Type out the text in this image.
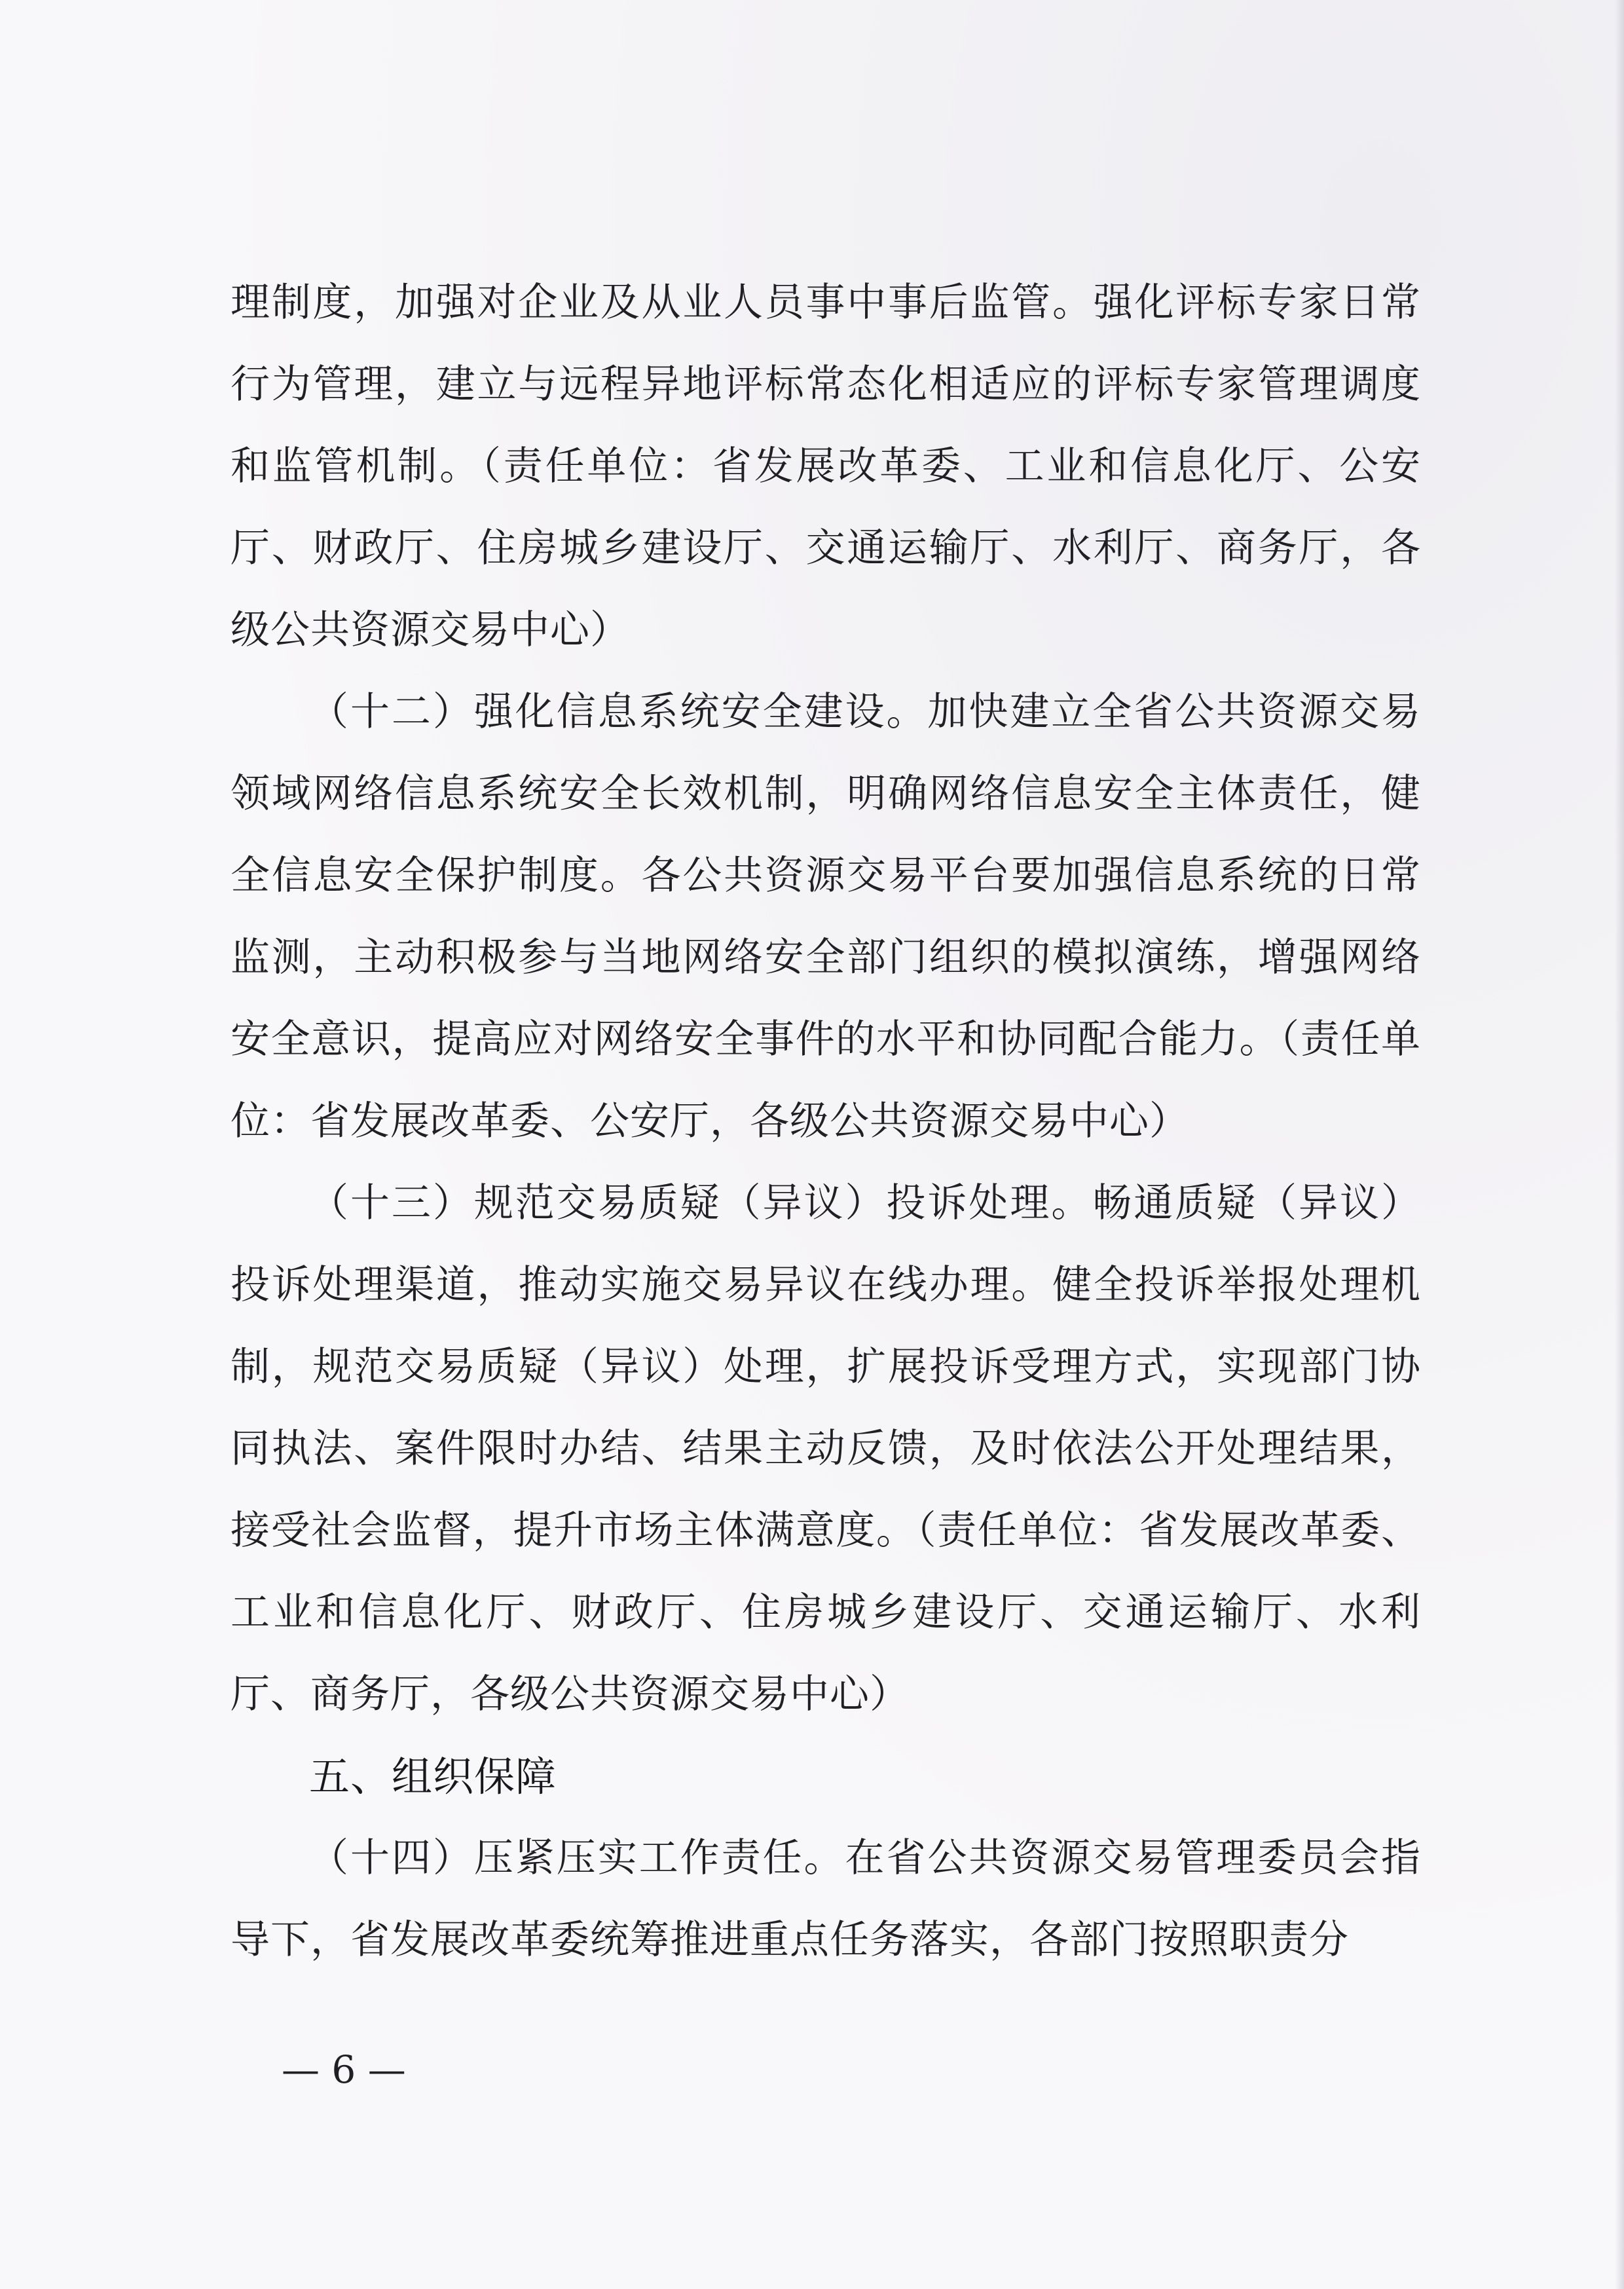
理制度，加强对企业及从业人员事中事后监管。强化评标专家日常行为管理，建立与远程异地评标常态化相适应的评标专家管理调度和监管机制。（责任单位：省发展改革委、工业和信息化厅、公安厅、财政厅、住房城乡建设厅、交通运输厅、水利厅、商务厅，各级公共资源交易中心）

（十二）强化信息系统安全建设。加快建立全省公共资源交易领域网络信息系统安全长效机制，明确网络信息安全主体责任，健全信息安全保护制度。各公共资源交易平台要加强信息系统的日常监测，主动积极参与当地网络安全部门组织的模拟演练，增强网络安全意识，提高应对网络安全事件的水平和协同配合能力。（责任单位：省发展改革委、公安厅，各级公共资源交易中心）

（十三）规范交易质疑（异议）投诉处理。畅通质疑（异议）投诉处理渠道，推动实施交易异议在线办理。健全投诉举报处理机制，规范交易质疑（异议）处理，扩展投诉受理方式，实现部门协同执法、案件限时办结、结果主动反馈，及时依法公开处理结果，接受社会监督，提升市场主体满意度。（责任单位：省发展改革委、工业和信息化厅、财政厅、住房城乡建设厅、交通运输厅、水利厅、商务厅，各级公共资源交易中心）

五、组织保障

（十四）压紧压实工作责任。在省公共资源交易管理委员会指导下，省发展改革委统筹推进重点任务落实，各部门按照职责分

— 6 —
